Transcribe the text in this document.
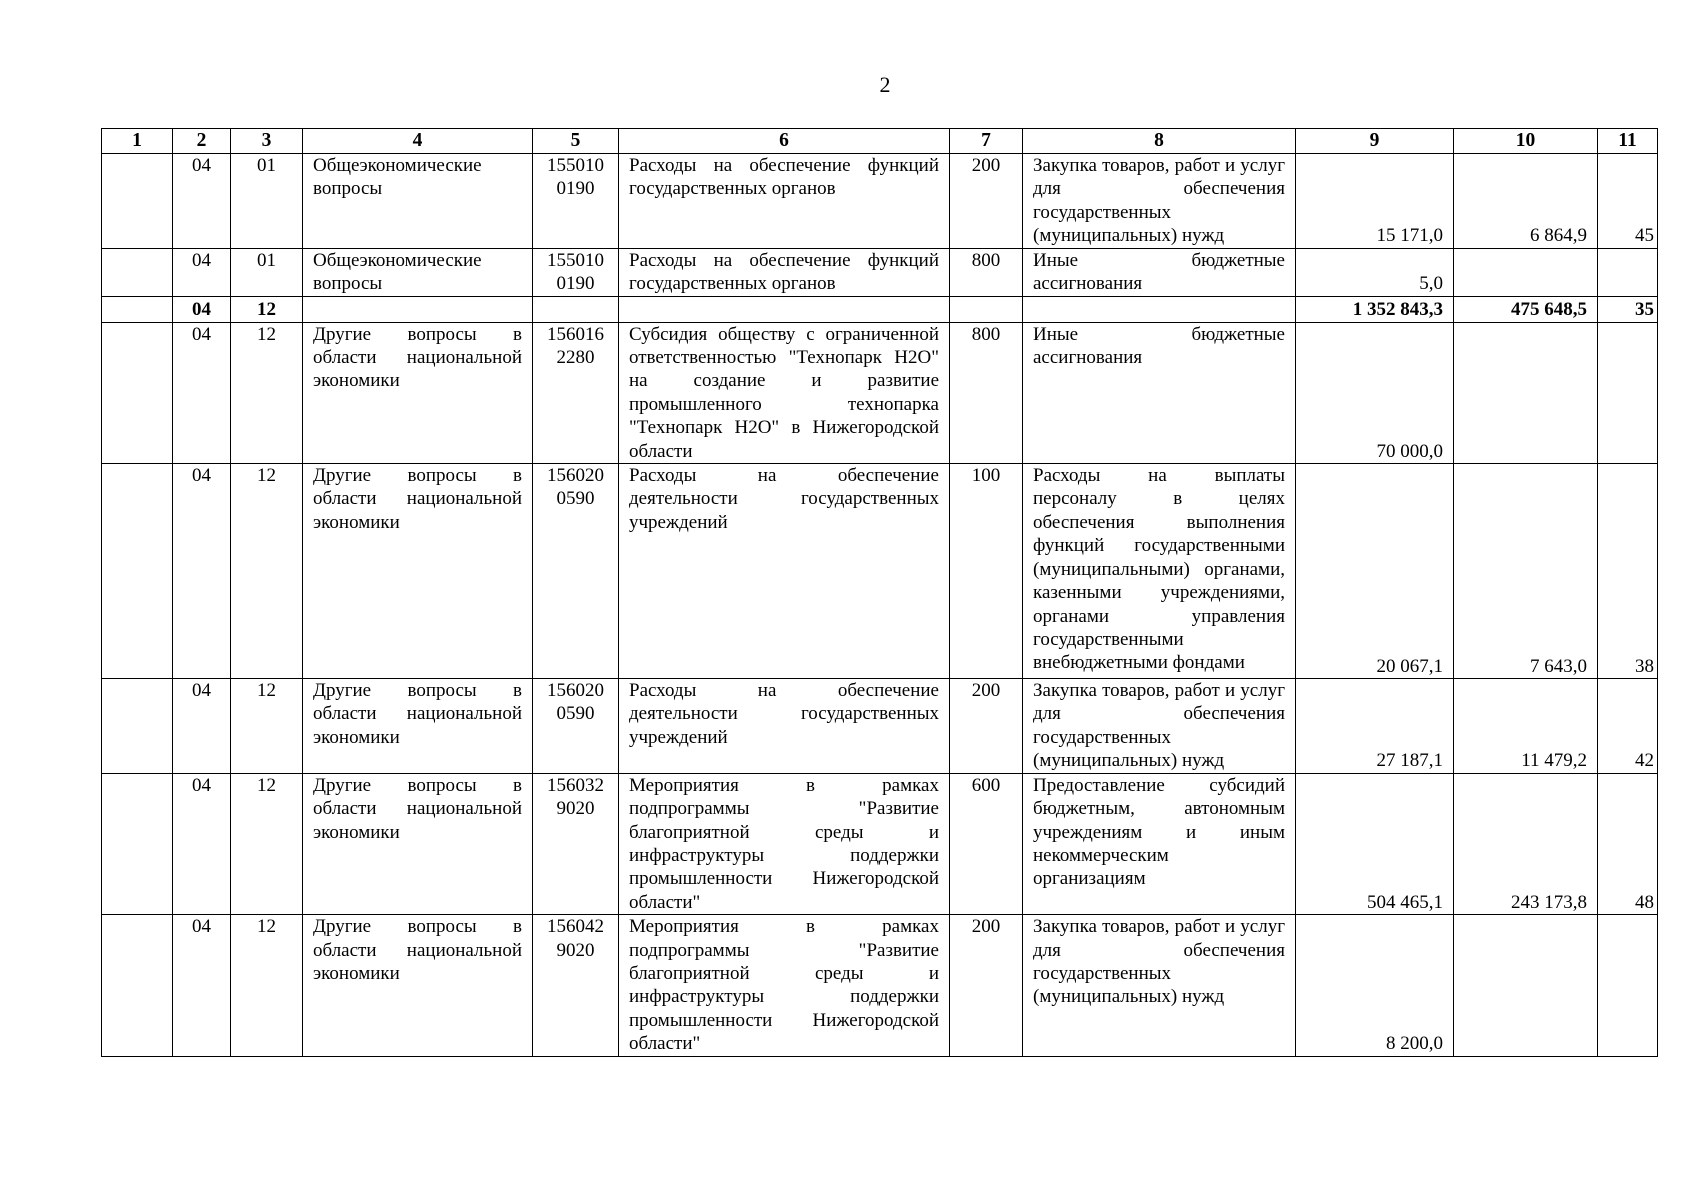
2
1	2	3	4	5	6	7	8	9	10	11
	04	01	Общеэкономические вопросы	155010 0190	Расходы на обеспечение функций государственных органов	200	Закупка товаров, работ и услуг для обеспечения государственных (муниципальных) нужд	15 171,0	6 864,9	45
	04	01	Общеэкономические вопросы	155010 0190	Расходы на обеспечение функций государственных органов	800	Иные бюджетные ассигнования	5,0		
	04	12						1 352 843,3	475 648,5	35
	04	12	Другие вопросы в области национальной экономики	156016 2280	Субсидия обществу с ограниченной ответственностью "Технопарк Н2О" на создание и развитие промышленного технопарка "Технопарк Н2О" в Нижегородской области	800	Иные бюджетные ассигнования	70 000,0		
	04	12	Другие вопросы в области национальной экономики	156020 0590	Расходы на обеспечение деятельности государственных учреждений	100	Расходы на выплаты персоналу в целях обеспечения выполнения функций государственными (муниципальными) органами, казенными учреждениями, органами управления государственными внебюджетными фондами	20 067,1	7 643,0	38
	04	12	Другие вопросы в области национальной экономики	156020 0590	Расходы на обеспечение деятельности государственных учреждений	200	Закупка товаров, работ и услуг для обеспечения государственных (муниципальных) нужд	27 187,1	11 479,2	42
	04	12	Другие вопросы в области национальной экономики	156032 9020	Мероприятия в рамках подпрограммы "Развитие благоприятной среды и инфраструктуры поддержки промышленности Нижегородской области"	600	Предоставление субсидий бюджетным, автономным учреждениям и иным некоммерческим организациям	504 465,1	243 173,8	48
	04	12	Другие вопросы в области национальной экономики	156042 9020	Мероприятия в рамках подпрограммы "Развитие благоприятной среды и инфраструктуры поддержки промышленности Нижегородской области"	200	Закупка товаров, работ и услуг для обеспечения государственных (муниципальных) нужд	8 200,0		
